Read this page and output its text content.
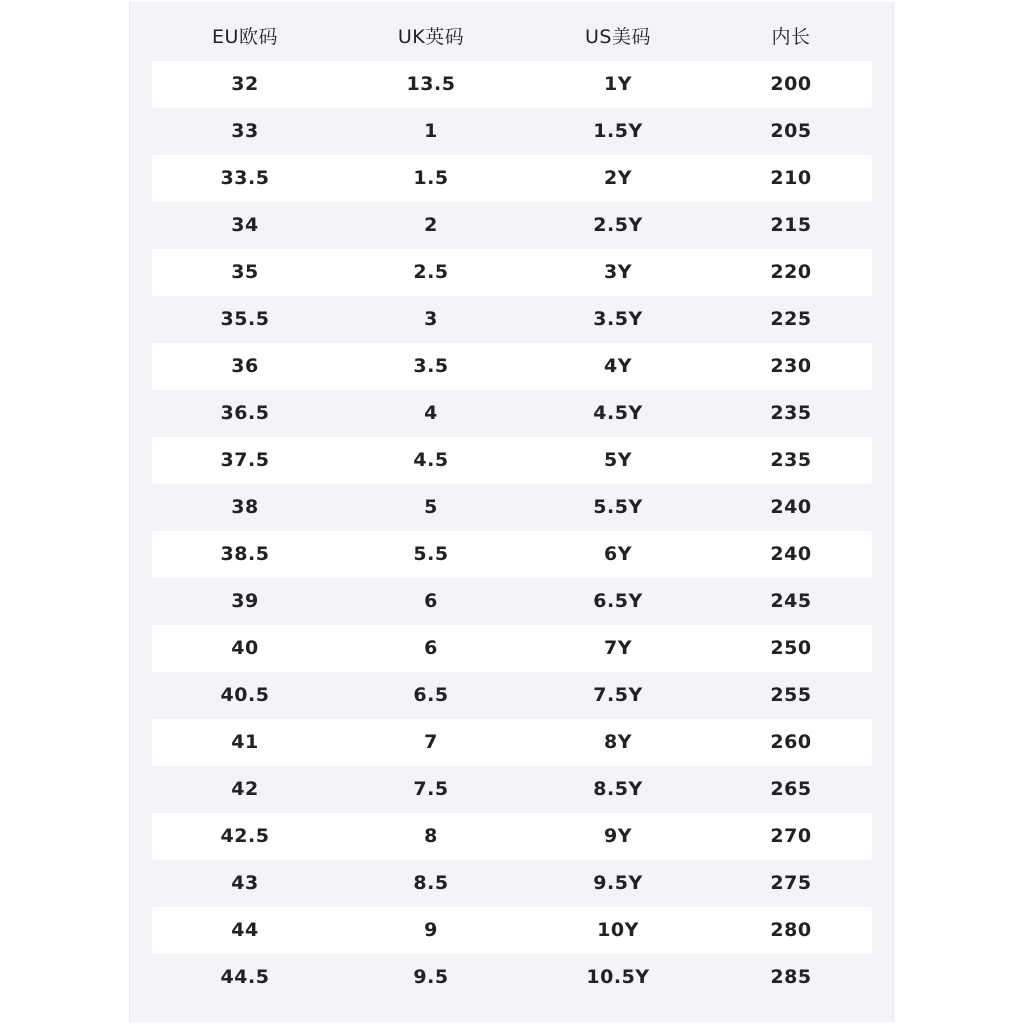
EU欧码	UK英码	US美码	内长
32	13.5	1Y	200
33	1	1.5Y	205
33.5	1.5	2Y	210
34	2	2.5Y	215
35	2.5	3Y	220
35.5	3	3.5Y	225
36	3.5	4Y	230
36.5	4	4.5Y	235
37.5	4.5	5Y	235
38	5	5.5Y	240
38.5	5.5	6Y	240
39	6	6.5Y	245
40	6	7Y	250
40.5	6.5	7.5Y	255
41	7	8Y	260
42	7.5	8.5Y	265
42.5	8	9Y	270
43	8.5	9.5Y	275
44	9	10Y	280
44.5	9.5	10.5Y	285
